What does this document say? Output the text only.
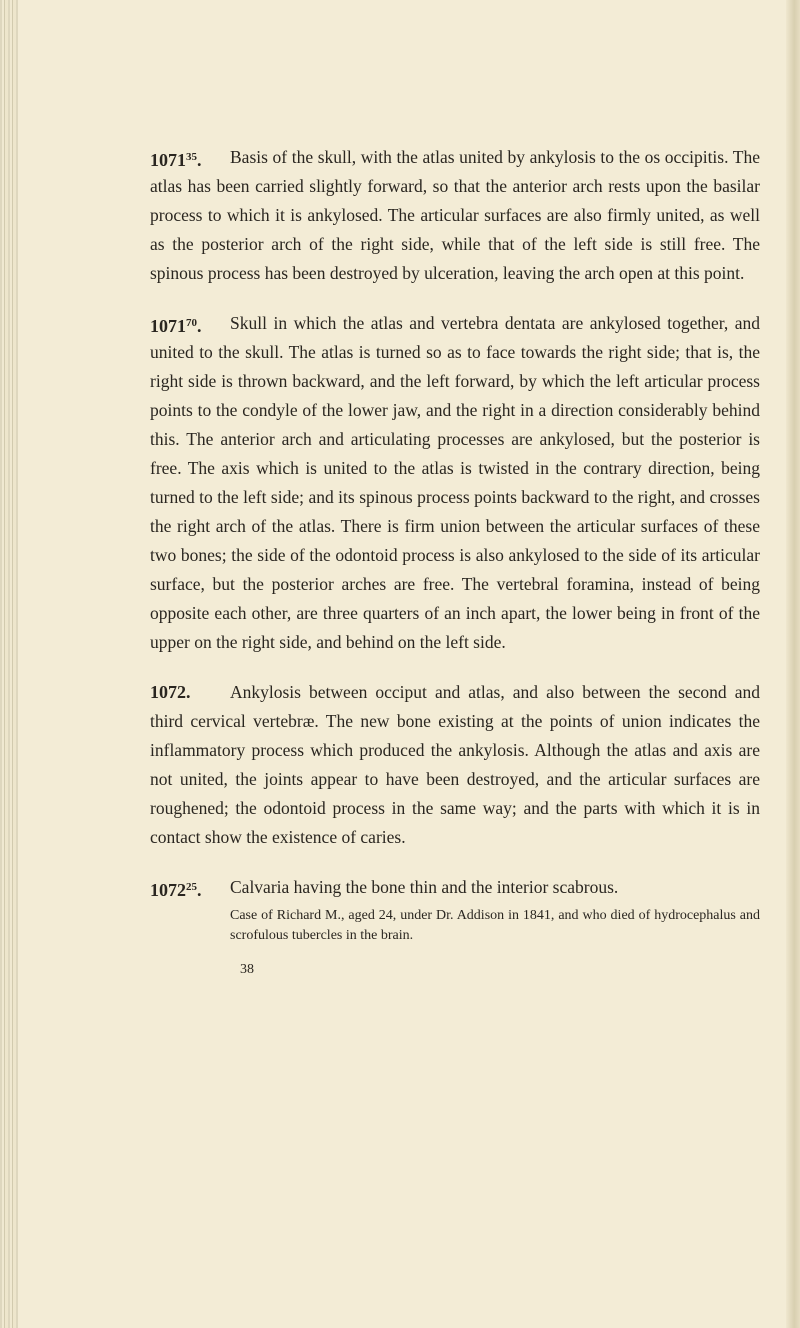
1071$^{35}$.	Basis of the skull, with the atlas united by ankylosis to the os occipitis. The atlas has been carried slightly forward, so that the anterior arch rests upon the basilar process to which it is ankylosed. The articular surfaces are also firmly united, as well as the posterior arch of the right side, while that of the left side is still free. The spinous process has been destroyed by ulceration, leaving the arch open at this point.

1071$^{70}$.	Skull in which the atlas and vertebra dentata are ankylosed together, and united to the skull. The atlas is turned so as to face towards the right side; that is, the right side is thrown backward, and the left forward, by which the left articular process points to the condyle of the lower jaw, and the right in a direction considerably behind this. The anterior arch and articulating processes are ankylosed, but the posterior is free. The axis which is united to the atlas is twisted in the contrary direction, being turned to the left side; and its spinous process points backward to the right, and crosses the right arch of the atlas. There is firm union between the articular surfaces of these two bones; the side of the odontoid process is also ankylosed to the side of its articular surface, but the posterior arches are free. The vertebral foramina, instead of being opposite each other, are three quarters of an inch apart, the lower being in front of the upper on the right side, and behind on the left side.

1072.	Ankylosis between occiput and atlas, and also between the second and third cervical vertebræ. The new bone existing at the points of union indicates the inflammatory process which produced the ankylosis. Although the atlas and axis are not united, the joints appear to have been destroyed, and the articular surfaces are roughened; the odontoid process in the same way; and the parts with which it is in contact show the existence of caries.

1072$^{25}$.	Calvaria having the bone thin and the interior scabrous.

Case of Richard M., aged 24, under Dr. Addison in 1841, and who died of hydrocephalus and scrofulous tubercles in the brain.

38
